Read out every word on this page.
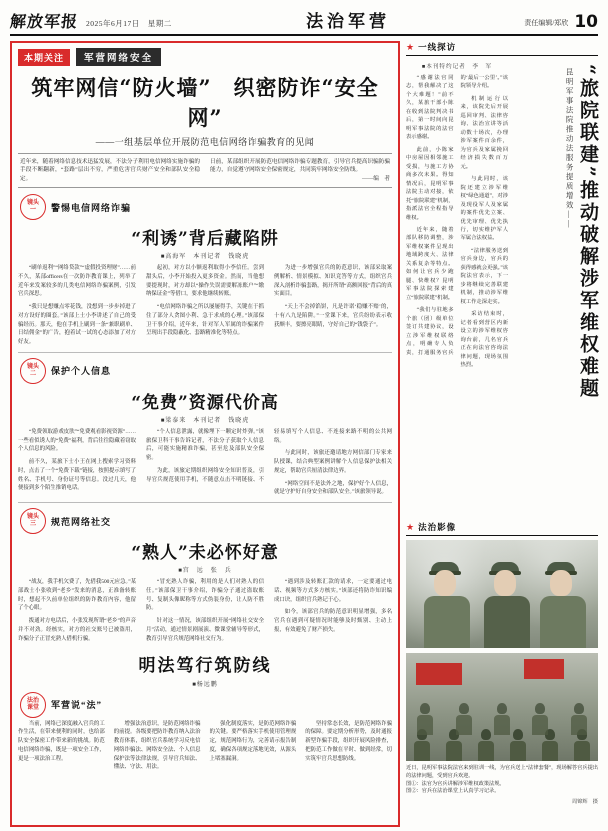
解放军报 2025年6月17日　星期二	法治军营	责任编辑/郑欣 10
本期关注	军营网络安全
筑牢网信“防火墙”　织密防诈“安全网”
——一组基层单位开展防范电信网络诈骗教育的见闻
近年来，随着网络信息技术迅猛发展，不法分子利用电信网络实施诈骗的手段不断翻新，“套路”层出不穷，严重危害官兵财产安全和部队安全稳定。
日前，某部组织开展防范电信网络诈骗专题教育，引导官兵提高识骗防骗能力，自觉遵守网络安全保密规定，共同筑牢网络安全防线。
——编　者
镜头
一	警惕电信网络诈骗
“利诱”背后藏陷阱
■高海军　本刊记者　钱晓虎

“刷单返利”“网络贷款”“虚假投资理财”……前不久，某部officers在一次防诈教育课上，列举了近年来发案较多的几类电信网络诈骗案例，引发官兵深思。

“我只是想赚点零花钱，没想到一步步掉进了对方设好的圈套。”该部上士小李讲述了自己的受骗经历。那天，他在手机上刷到一条“兼职刷单、日结佣金”的广告，抱着试一试的心态添加了对方好友。

起初，对方以小额返利取得小李信任。尝到甜头后，小李开始投入更多资金。然而，当他想要提现时，对方却以“操作失误需要解冻账户”“缴纳保证金”等借口，要求他继续转账。

“电信网络诈骗之所以屡屡得手，关键在于抓住了部分人贪图小利、急于求成的心理。”该部保卫干事介绍，近年来，针对军人军属的诈骗案件呈现出手段隐蔽化、套路精准化等特点。

为进一步增强官兵的防范意识，该部采取案例解析、情景模拟、知识竞答等方式，组织官兵深入剖析诈骗套路，揭开所谓“高额回报”背后的真实面目。

“天上不会掉馅饼，凡是许诺‘稳赚不赔’的，十有八九是陷阱。”一堂课下来，官兵纷纷表示收获颇丰，要擦亮眼睛，守好自己的“钱袋子”。

镜头
二	保护个人信息
“免费”资源代价高
■梁泰来　本刊记者　钱晓虎

“免费领取游戏皮肤”“免费观看影视资源”……一些看似诱人的“免费”福利，背后往往隐藏着窃取个人信息的风险。

前不久，某旅下士小王在网上搜索学习资料时，点击了一个“免费下载”链接，按照提示填写了姓名、手机号、身份证号等信息。没过几天，他便接到多个陌生推销电话。

“个人信息泄露，就像埋下一颗定时炸弹。”该旅保卫科干事告诉记者，不法分子获取个人信息后，可能实施精准诈骗，甚至危及部队安全保密。

为此，该旅定期组织网络安全知识普及，引导官兵规范使用手机，不随意点击不明链接、不轻易填写个人信息、不连接来路不明的公共网络。

与此同时，该旅还邀请地方网信部门专家来队授课，结合典型案例讲解个人信息保护法相关规定，帮助官兵厘清法律边界。

“网络空间不是法外之地，保护好个人信息，就是守护好自身安全和部队安全。”该旅领导说。

镜头
三	规范网络社交
“熟人”未必怀好意
■宫　远　张　兵

“战友，我手机欠费了，先借我500元应急。”某部战士小张收到“老乡”发来的消息，正准备转账时，想起不久前单位组织的防诈教育内容，他留了个心眼。

拨通对方电话后，小张发现所谓“老乡”的声音并不对劲。经核实，对方的社交账号已被盗用，诈骗分子正冒充熟人借机行骗。

“冒充熟人诈骗，利用的是人们对熟人的信任。”该部保卫干事介绍，诈骗分子通过盗取账号、复制头像昵称等方式伪装身份，让人防不胜防。

针对这一情况，该部组织开展“网络社交安全月”活动，通过情景剧展演、微课堂辅导等形式，教育引导官兵规范网络社交行为。

“遇到涉及转账汇款的请求，一定要通过电话、视频等方式多方核实。”该部还将防诈知识编成口诀，组织官兵熟记于心。

如今，该部官兵的防范意识明显增强，多名官兵在遇到可疑情况时能够及时甄别、主动上报，有效避免了财产损失。

明法笃行筑防线
■杨远鹏
法治
课堂 军营说“法”

当前，网络已深度融入官兵的工作生活，在带来便利的同时，也给部队安全保密工作带来新的挑战。防范电信网络诈骗，既是一项安全工作，更是一项法治工程。

增强法治意识，是防范网络诈骗的前提。各级要把防诈教育纳入法治教育体系，组织官兵系统学习反电信网络诈骗法、网络安全法、个人信息保护法等法律法规，引导官兵知法、懂法、守法、用法。

强化制度落实，是防范网络诈骗的关键。要严格落实手机使用管理规定，规范网络行为，完善请示报告制度，确保各项规定落地见效，从源头上堵塞漏洞。

坚持常态长效，是防范网络诈骗的保障。要定期分析形势，及时通报新型诈骗手段，组织开展风险排查，把防范工作做在平时、做到经常，切实筑牢官兵思想防线。

★ 一线探访
“旅院联建”推动破解涉军维权难题
昆明军事法院推动法服务提质增效——
■本刊特约记者　李　军

“感谢法官同志，帮我解决了这个大难题！”前不久，某旅干部小陈在收到法院判决书后，第一时间向昆明军事法院的法官表示感谢。

此前，小陈家中房屋因相邻施工受损，与施工方协商多次未果。得知情况后，昆明军事法院主动对接，依托“旅院联建”机制，指派法官全程指导维权。

近年来，随着部队移防调整，涉军维权案件呈现出地域跨度大、法律关系复杂等特点。如何让官兵少跑腿、快维权？昆明军事法院探索建立“旅院联建”机制。

“我们与驻地多个旅（团）级单位签订共建协议，设立涉军维权联络点，明确专人负责，打通服务官兵的‘最后一公里’。”该院领导介绍。

机制运行以来，该院先后开展巡回审判、法律咨询、法治宣讲等活动数十场次，办理涉军案件百余件，为官兵及家属挽回经济损失数百万元。

与此同时，该院还建立涉军维权“绿色通道”，对涉及现役军人及家属的案件优先立案、优先审理、优先执行，切实维护军人军属合法权益。

“法律服务送到官兵身边，官兵的获得感就会更强。”该院法官表示，下一步将继续完善联建机制，推动涉军维权工作走深走实。

采访结束时，记者看到营区内新设立的涉军维权咨询台前，几名官兵正在向法官咨询法律问题，现场氛围热烈。

★ 法治影像
近日，昆明军事法院法官来到驻训一线，为官兵送上“法律套餐”，现场解答官兵提出的法律问题，受到官兵欢迎。
图①：法官为官兵讲解涉军维权政策法规。
图②：官兵在法治课堂上认真学习记录。
周锦辉　摄
